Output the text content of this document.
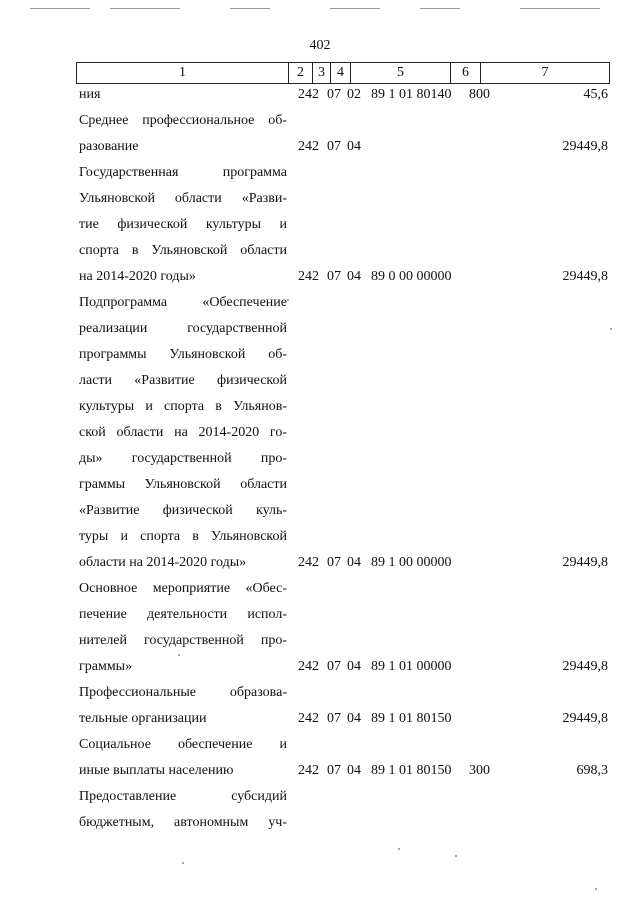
402
1	2	3	4	5	6	7
ния	242 07 02 89 1 01 80140 800	45,6
Среднее профессиональное об-
разование	242 07 04	29449,8
Государственная программа
Ульяновской области «Разви-
тие физической культуры и
спорта в Ульяновской области
на 2014-2020 годы»	242 07 04 89 0 00 00000	29449,8
Подпрограмма «Обеспечение
реализации государственной
программы Ульяновской об-
ласти «Развитие физической
культуры и спорта в Ульянов-
ской области на 2014-2020 го-
ды» государственной про-
граммы Ульяновской области
«Развитие физической куль-
туры и спорта в Ульяновской
области на 2014-2020 годы»	242 07 04 89 1 00 00000	29449,8
Основное мероприятие «Обес-
печение деятельности испол-
нителей государственной про-
граммы»	242 07 04 89 1 01 00000	29449,8
Профессиональные образова-
тельные организации	242 07 04 89 1 01 80150	29449,8
Социальное обеспечение и
иные выплаты населению	242 07 04 89 1 01 80150 300	698,3
Предоставление субсидий
бюджетным, автономным уч-
